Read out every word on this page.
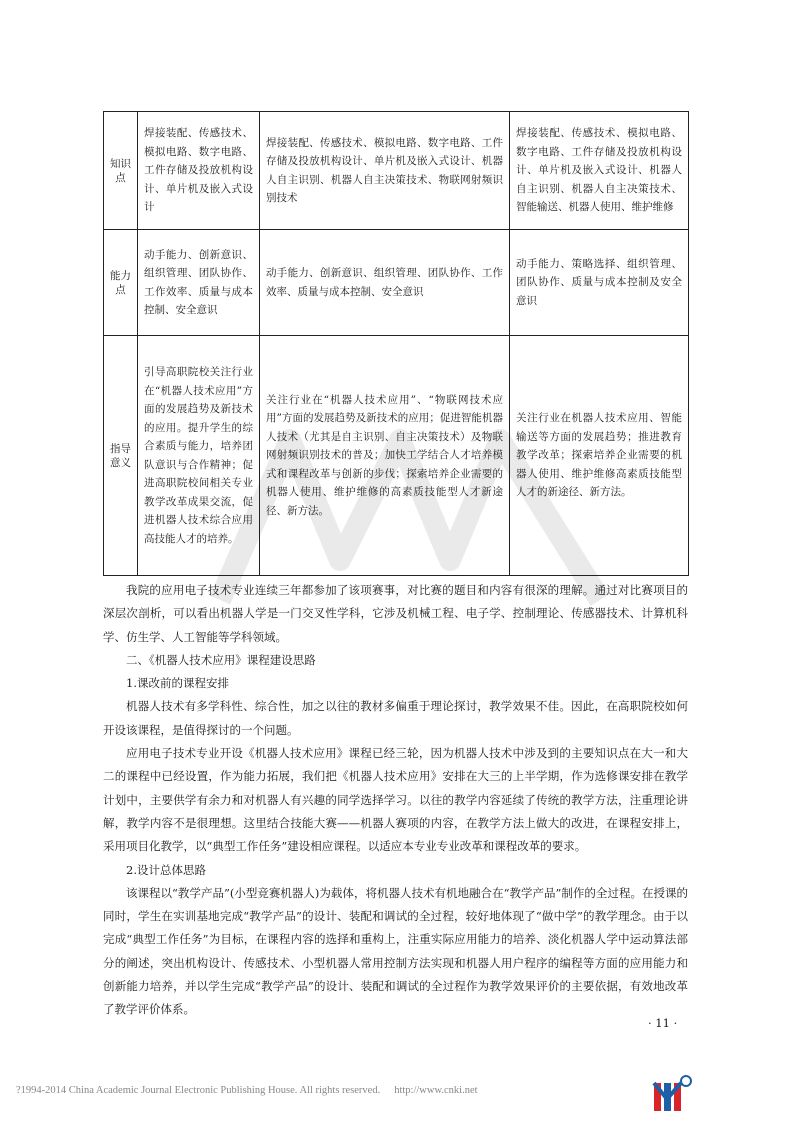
知识点	焊接装配、传感技术、模拟电路、数字电路、工件存储及投放机构设计、单片机及嵌入式设计	焊接装配、传感技术、模拟电路、数字电路、工件存储及投放机构设计、单片机及嵌入式设计、机器人自主识别、机器人自主决策技术、物联网射频识别技术	焊接装配、传感技术、模拟电路、数字电路、工件存储及投放机构设计、单片机及嵌入式设计、机器人自主识别、机器人自主决策技术、智能输送、机器人使用、维护维修
能力点	动手能力、创新意识、组织管理、团队协作、工作效率、质量与成本控制、安全意识	动手能力、创新意识、组织管理、团队协作、工作效率、质量与成本控制、安全意识	动手能力、策略选择、组织管理、团队协作、质量与成本控制及安全意识
指导意义	引导高职院校关注行业在“机器人技术应用”方面的发展趋势及新技术的应用。提升学生的综合素质与能力，培养团队意识与合作精神；促进高职院校间相关专业教学改革成果交流，促进机器人技术综合应用高技能人才的培养。	关注行业在“机器人技术应用”、“物联网技术应用”方面的发展趋势及新技术的应用；促进智能机器人技术（尤其是自主识别、自主决策技术）及物联网射频识别技术的普及；加快工学结合人才培养模式和课程改革与创新的步伐；探索培养企业需要的机器人使用、维护维修的高素质技能型人才新途径、新方法。	关注行业在机器人技术应用、智能输送等方面的发展趋势；推进教育教学改革；探索培养企业需要的机器人使用、维护维修高素质技能型人才的新途径、新方法。

我院的应用电子技术专业连续三年都参加了该项赛事，对比赛的题目和内容有很深的理解。通过对比赛项目的深层次剖析，可以看出机器人学是一门交叉性学科，它涉及机械工程、电子学、控制理论、传感器技术、计算机科学、仿生学、人工智能等学科领域。

二、《机器人技术应用》课程建设思路

1.课改前的课程安排

机器人技术有多学科性、综合性，加之以往的教材多偏重于理论探讨，教学效果不佳。因此，在高职院校如何开设该课程，是值得探讨的一个问题。

应用电子技术专业开设《机器人技术应用》课程已经三轮，因为机器人技术中涉及到的主要知识点在大一和大二的课程中已经设置，作为能力拓展，我们把《机器人技术应用》安排在大三的上半学期，作为选修课安排在教学计划中，主要供学有余力和对机器人有兴趣的同学选择学习。以往的教学内容延续了传统的教学方法，注重理论讲解，教学内容不是很理想。这里结合技能大赛——机器人赛项的内容，在教学方法上做大的改进，在课程安排上，采用项目化教学，以“典型工作任务”建设相应课程。以适应本专业专业改革和课程改革的要求。

2.设计总体思路

该课程以“教学产品”(小型竞赛机器人)为载体，将机器人技术有机地融合在“教学产品”制作的全过程。在授课的同时，学生在实训基地完成“教学产品”的设计、装配和调试的全过程，较好地体现了“做中学”的教学理念。由于以完成“典型工作任务”为目标，在课程内容的选择和重构上，注重实际应用能力的培养、淡化机器人学中运动算法部分的阐述，突出机构设计、传感技术、小型机器人常用控制方法实现和机器人用户程序的编程等方面的应用能力和创新能力培养，并以学生完成“教学产品”的设计、装配和调试的全过程作为教学效果评价的主要依据，有效地改革了教学评价体系。

· 11 ·
?1994-2014 China Academic Journal Electronic Publishing House. All rights reserved. http://www.cnki.net
